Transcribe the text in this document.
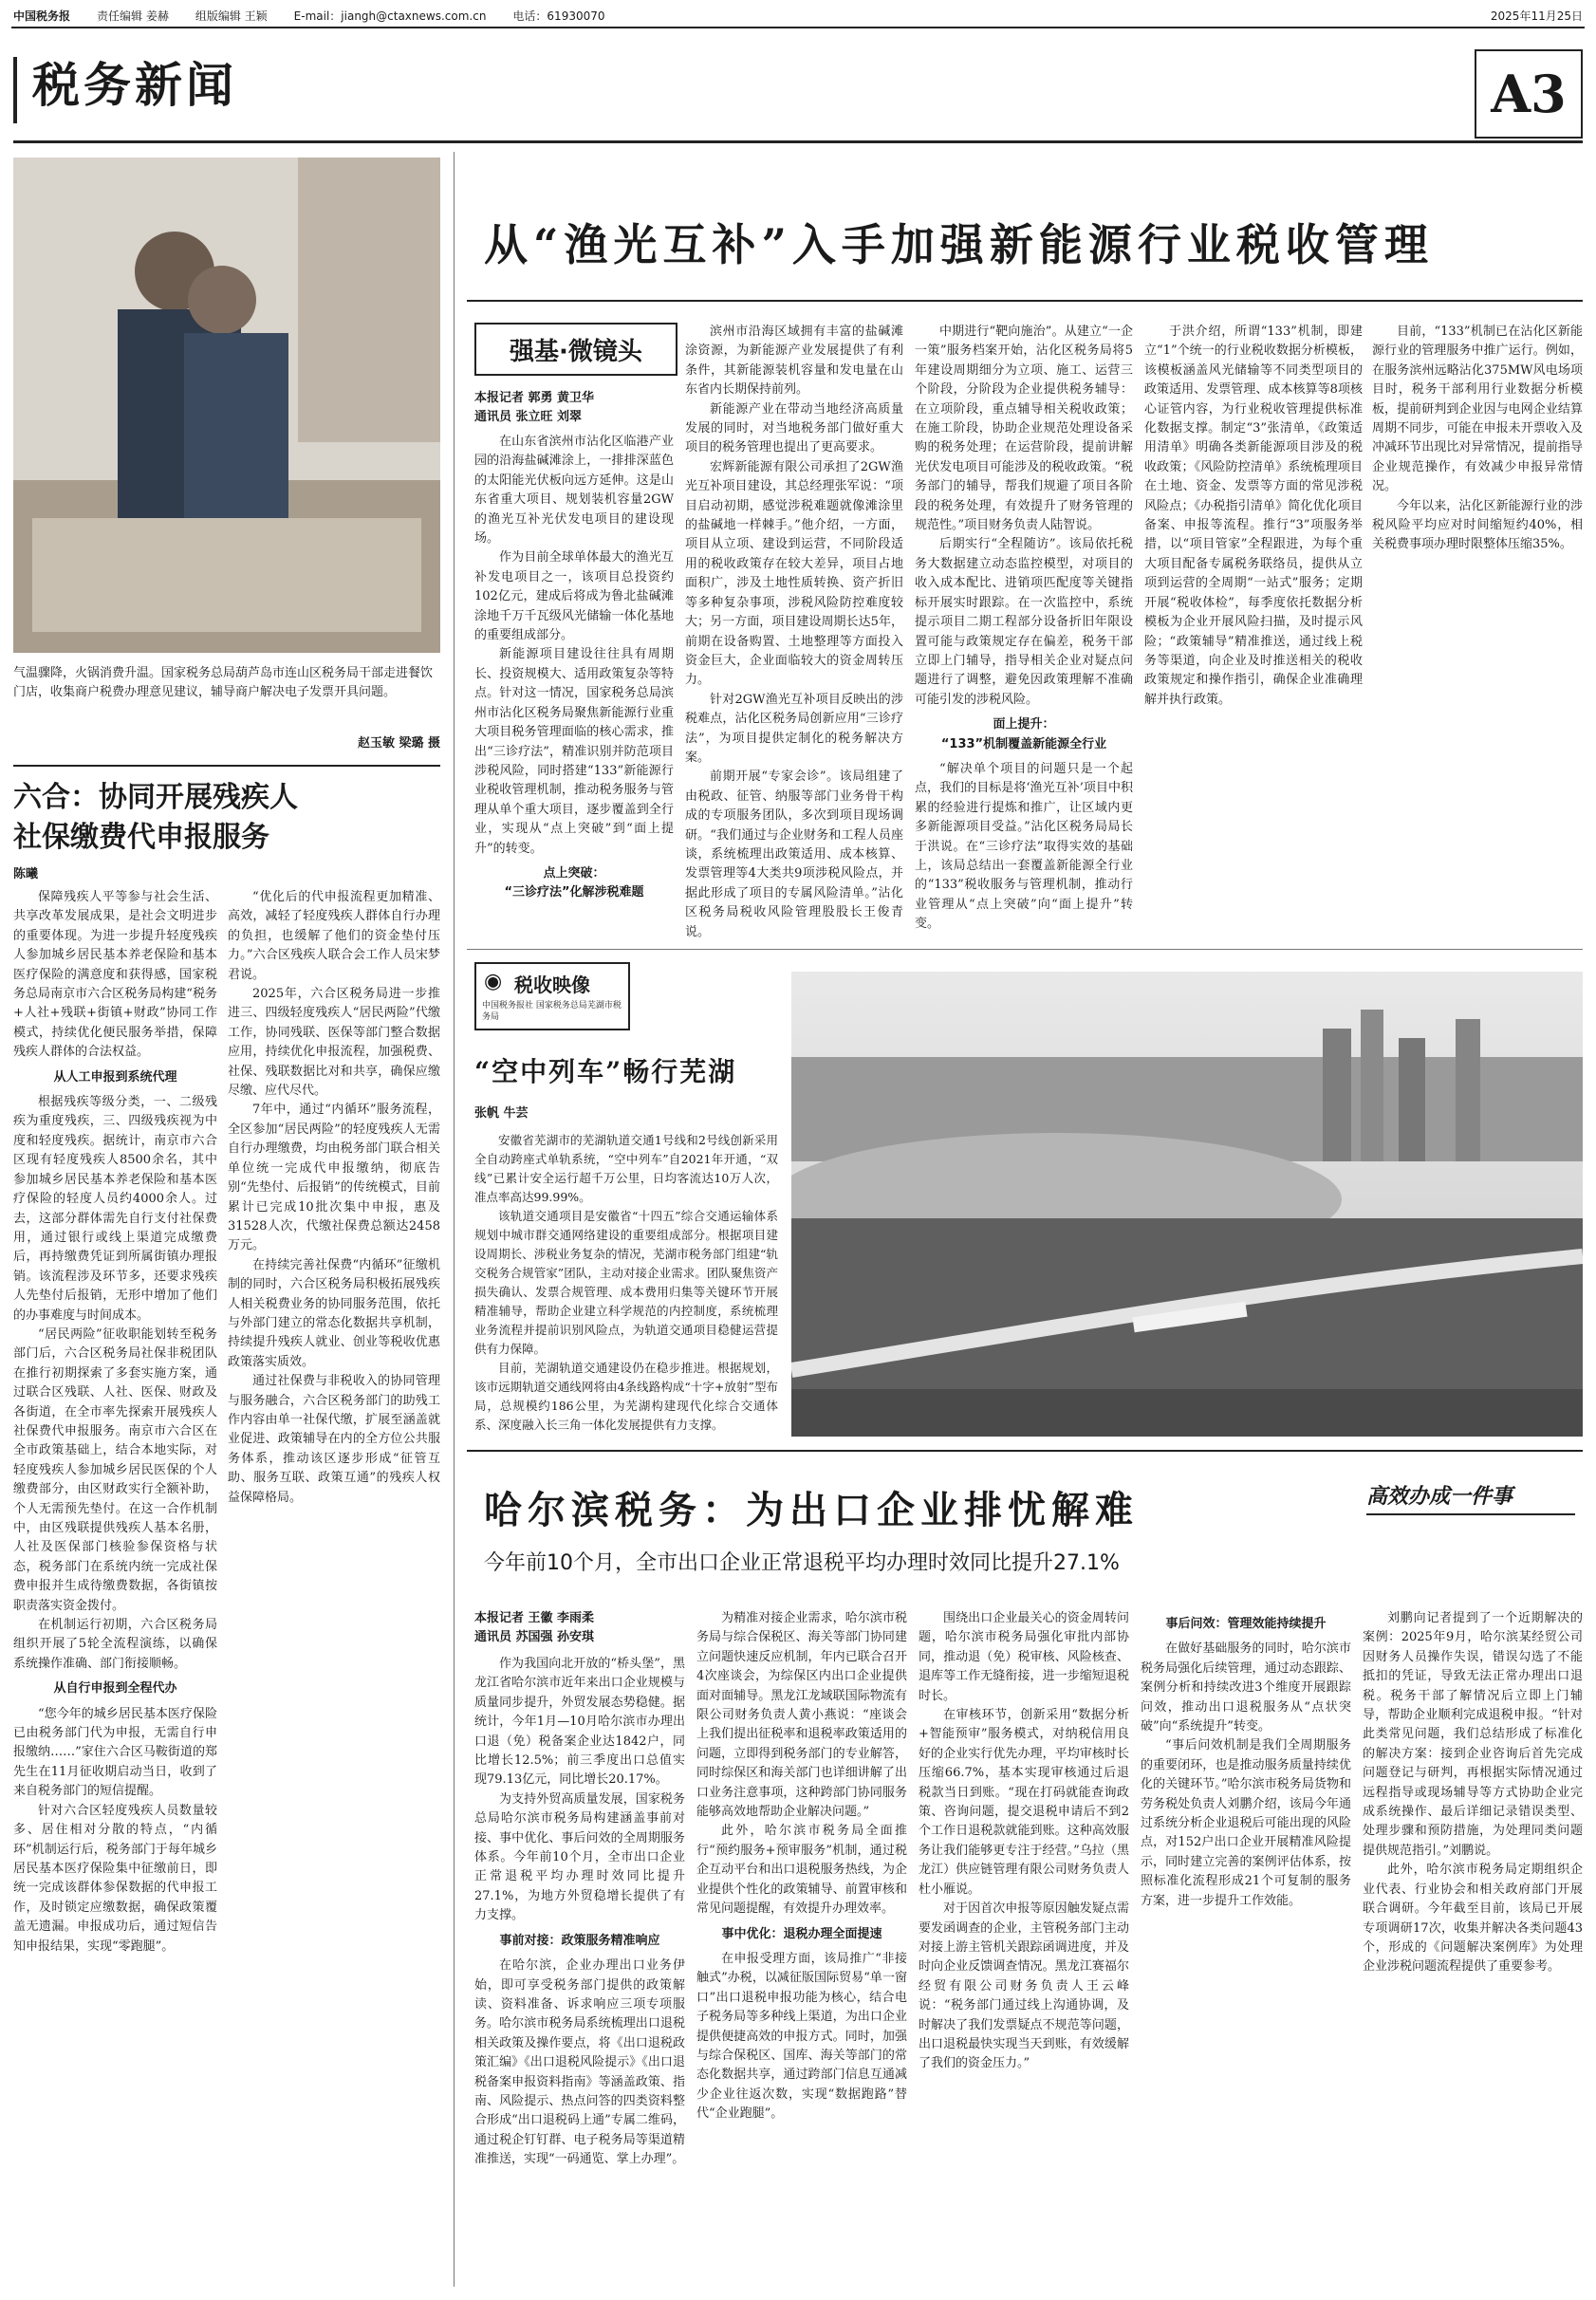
中国税务报 责任编辑 姜赫 组版编辑 王颖 E-mail：jiangh@ctaxnews.com.cn 电话：61930070	2025年11月25日
税务新闻	A3
气温骤降，火锅消费升温。国家税务总局葫芦岛市连山区税务局干部走进餐饮门店，收集商户税费办理意见建议，辅导商户解决电子发票开具问题。
赵玉敏 梁璐 摄
六合：协同开展残疾人
社保缴费代申报服务
陈曦

保障残疾人平等参与社会生活、共享改革发展成果，是社会文明进步的重要体现。为进一步提升轻度残疾人参加城乡居民基本养老保险和基本医疗保险的满意度和获得感，国家税务总局南京市六合区税务局构建“税务+人社+残联+街镇+财政”协同工作模式，持续优化便民服务举措，保障残疾人群体的合法权益。

从人工申报到系统代理

根据残疾等级分类，一、二级残疾为重度残疾，三、四级残疾视为中度和轻度残疾。据统计，南京市六合区现有轻度残疾人8500余名，其中参加城乡居民基本养老保险和基本医疗保险的轻度人员约4000余人。过去，这部分群体需先自行支付社保费用，通过银行或线上渠道完成缴费后，再持缴费凭证到所属街镇办理报销。该流程涉及环节多，还要求残疾人先垫付后报销，无形中增加了他们的办事难度与时间成本。

“居民两险”征收职能划转至税务部门后，六合区税务局社保非税团队在推行初期探索了多套实施方案，通过联合区残联、人社、医保、财政及各街道，在全市率先探索开展残疾人社保费代申报服务。南京市六合区在全市政策基础上，结合本地实际，对轻度残疾人参加城乡居民医保的个人缴费部分，由区财政实行全额补助，个人无需预先垫付。在这一合作机制中，由区残联提供残疾人基本名册，人社及医保部门核验参保资格与状态，税务部门在系统内统一完成社保费申报并生成待缴费数据，各街镇按职责落实资金拨付。

在机制运行初期，六合区税务局组织开展了5轮全流程演练，以确保系统操作准确、部门衔接顺畅。

从自行申报到全程代办

“您今年的城乡居民基本医疗保险已由税务部门代为申报，无需自行申报缴纳……”家住六合区马鞍街道的郑先生在11月征收期启动当日，收到了来自税务部门的短信提醒。

针对六合区轻度残疾人员数量较多、居住相对分散的特点，“内循环”机制运行后，税务部门于每年城乡居民基本医疗保险集中征缴前日，即统一完成该群体参保数据的代申报工作，及时锁定应缴数据，确保政策覆盖无遗漏。申报成功后，通过短信告知申报结果，实现“零跑腿”。

“优化后的代申报流程更加精准、高效，减轻了轻度残疾人群体自行办理的负担，也缓解了他们的资金垫付压力。”六合区残疾人联合会工作人员宋梦君说。

2025年，六合区税务局进一步推进三、四级轻度残疾人“居民两险”代缴工作，协同残联、医保等部门整合数据应用，持续优化申报流程，加强税费、社保、残联数据比对和共享，确保应缴尽缴、应代尽代。

7年中，通过“内循环”服务流程，全区参加“居民两险”的轻度残疾人无需自行办理缴费，均由税务部门联合相关单位统一完成代申报缴纳，彻底告别“先垫付、后报销”的传统模式，目前累计已完成10批次集中申报，惠及31528人次，代缴社保费总额达2458万元。

在持续完善社保费“内循环”征缴机制的同时，六合区税务局积极拓展残疾人相关税费业务的协同服务范围，依托与外部门建立的常态化数据共享机制，持续提升残疾人就业、创业等税收优惠政策落实质效。

通过社保费与非税收入的协同管理与服务融合，六合区税务部门的助残工作内容由单一社保代缴，扩展至涵盖就业促进、政策辅导在内的全方位公共服务体系，推动该区逐步形成“征管互助、服务互联、政策互通”的残疾人权益保障格局。

从“渔光互补”入手加强新能源行业税收管理
强基·微镜头
本报记者 郭勇 黄卫华
通讯员 张立旺 刘翠

在山东省滨州市沾化区临港产业园的沿海盐碱滩涂上，一排排深蓝色的太阳能光伏板向远方延伸。这是山东省重大项目、规划装机容量2GW的渔光互补光伏发电项目的建设现场。

作为目前全球单体最大的渔光互补发电项目之一，该项目总投资约102亿元，建成后将成为鲁北盐碱滩涂地千万千瓦级风光储输一体化基地的重要组成部分。

新能源项目建设往往具有周期长、投资规模大、适用政策复杂等特点。针对这一情况，国家税务总局滨州市沾化区税务局聚焦新能源行业重大项目税务管理面临的核心需求，推出“三诊疗法”，精准识别并防范项目涉税风险，同时搭建“133”新能源行业税收管理机制，推动税务服务与管理从单个重大项目，逐步覆盖到全行业，实现从“点上突破”到“面上提升”的转变。

点上突破：
“三诊疗法”化解涉税难题

滨州市沿海区域拥有丰富的盐碱滩涂资源，为新能源产业发展提供了有利条件，其新能源装机容量和发电量在山东省内长期保持前列。

新能源产业在带动当地经济高质量发展的同时，对当地税务部门做好重大项目的税务管理也提出了更高要求。

宏辉新能源有限公司承担了2GW渔光互补项目建设，其总经理张军说：“项目启动初期，感觉涉税难题就像滩涂里的盐碱地一样棘手。”他介绍，一方面，项目从立项、建设到运营，不同阶段适用的税收政策存在较大差异，项目占地面积广，涉及土地性质转换、资产折旧等多种复杂事项，涉税风险防控难度较大；另一方面，项目建设周期长达5年，前期在设备购置、土地整理等方面投入资金巨大，企业面临较大的资金周转压力。

针对2GW渔光互补项目反映出的涉税难点，沾化区税务局创新应用“三诊疗法”，为项目提供定制化的税务解决方案。

前期开展“专家会诊”。该局组建了由税政、征管、纳服等部门业务骨干构成的专项服务团队，多次到项目现场调研。“我们通过与企业财务和工程人员座谈，系统梳理出政策适用、成本核算、发票管理等4大类共9项涉税风险点，并据此形成了项目的专属风险清单。”沾化区税务局税收风险管理股股长王俊青说。

中期进行“靶向施治”。从建立“一企一策”服务档案开始，沾化区税务局将5年建设周期细分为立项、施工、运营三个阶段，分阶段为企业提供税务辅导：在立项阶段，重点辅导相关税收政策；在施工阶段，协助企业规范处理设备采购的税务处理；在运营阶段，提前讲解光伏发电项目可能涉及的税收政策。“税务部门的辅导，帮我们规避了项目各阶段的税务处理，有效提升了财务管理的规范性。”项目财务负责人陆智说。

后期实行“全程随访”。该局依托税务大数据建立动态监控模型，对项目的收入成本配比、进销项匹配度等关键指标开展实时跟踪。在一次监控中，系统提示项目二期工程部分设备折旧年限设置可能与政策规定存在偏差，税务干部立即上门辅导，指导相关企业对疑点问题进行了调整，避免因政策理解不准确可能引发的涉税风险。

面上提升：
“133”机制覆盖新能源全行业

“解决单个项目的问题只是一个起点，我们的目标是将‘渔光互补’项目中积累的经验进行提炼和推广，让区域内更多新能源项目受益。”沾化区税务局局长于洪说。在“三诊疗法”取得实效的基础上，该局总结出一套覆盖新能源全行业的“133”税收服务与管理机制，推动行业管理从“点上突破”向“面上提升”转变。

于洪介绍，所谓“133”机制，即建立“1”个统一的行业税收数据分析模板，该模板涵盖风光储输等不同类型项目的政策适用、发票管理、成本核算等8项核心证管内容，为行业税收管理提供标准化数据支撑。制定“3”张清单，《政策适用清单》明确各类新能源项目涉及的税收政策；《风险防控清单》系统梳理项目在土地、资金、发票等方面的常见涉税风险点；《办税指引清单》简化优化项目备案、申报等流程。推行“3”项服务举措，以“项目管家”全程跟进，为每个重大项目配备专属税务联络员，提供从立项到运营的全周期“一站式”服务；定期开展“税收体检”，每季度依托数据分析模板为企业开展风险扫描，及时提示风险；“政策辅导”精准推送，通过线上税务等渠道，向企业及时推送相关的税收政策规定和操作指引，确保企业准确理解并执行政策。

目前，“133”机制已在沾化区新能源行业的管理服务中推广运行。例如，在服务滨州远略沾化375MW风电场项目时，税务干部利用行业数据分析模板，提前研判到企业因与电网企业结算周期不同步，可能在申报未开票收入及冲减环节出现比对异常情况，提前指导企业规范操作，有效减少申报异常情况。

今年以来，沾化区新能源行业的涉税风险平均应对时间缩短约40%，相关税费事项办理时限整体压缩35%。

税收映像
中国税务报社 国家税务总局芜湖市税务局
◉
“空中列车”畅行芜湖
张帆 牛芸

安徽省芜湖市的芜湖轨道交通1号线和2号线创新采用全自动跨座式单轨系统，“空中列车”自2021年开通，“双线”已累计安全运行超千万公里，日均客流达10万人次，准点率高达99.99%。

该轨道交通项目是安徽省“十四五”综合交通运输体系规划中城市群交通网络建设的重要组成部分。根据项目建设周期长、涉税业务复杂的情况，芜湖市税务部门组建“轨交税务合规管家”团队，主动对接企业需求。团队聚焦资产损失确认、发票合规管理、成本费用归集等关键环节开展精准辅导，帮助企业建立科学规范的内控制度，系统梳理业务流程并提前识别风险点，为轨道交通项目稳健运营提供有力保障。

目前，芜湖轨道交通建设仍在稳步推进。根据规划，该市远期轨道交通线网将由4条线路构成“十字+放射”型布局，总规模约186公里，为芜湖构建现代化综合交通体系、深度融入长三角一体化发展提供有力支撑。

哈尔滨税务：为出口企业排忧解难	高效办成一件事
今年前10个月，全市出口企业正常退税平均办理时效同比提升27.1%
本报记者 王徽 李雨柔
通讯员 苏国强 孙安琪

作为我国向北开放的“桥头堡”，黑龙江省哈尔滨市近年来出口企业规模与质量同步提升，外贸发展态势稳健。据统计，今年1月—10月哈尔滨市办理出口退（免）税备案企业达1842户，同比增长12.5%；前三季度出口总值实现79.13亿元，同比增长20.17%。

为支持外贸高质量发展，国家税务总局哈尔滨市税务局构建涵盖事前对接、事中优化、事后问效的全周期服务体系。今年前10个月，全市出口企业正常退税平均办理时效同比提升27.1%，为地方外贸稳增长提供了有力支撑。

事前对接：政策服务精准响应

在哈尔滨，企业办理出口业务伊始，即可享受税务部门提供的政策解读、资料准备、诉求响应三项专项服务。哈尔滨市税务局系统梳理出口退税相关政策及操作要点，将《出口退税政策汇编》《出口退税风险提示》《出口退税备案申报资料指南》等涵盖政策、指南、风险提示、热点问答的四类资料整合形成“出口退税码上通”专属二维码，通过税企钉钉群、电子税务局等渠道精准推送，实现“一码通览、掌上办理”。

为精准对接企业需求，哈尔滨市税务局与综合保税区、海关等部门协同建立问题快速反应机制，年内已联合召开4次座谈会，为综保区内出口企业提供面对面辅导。黑龙江龙域联国际物流有限公司财务负责人黄小燕说：“座谈会上我们提出征税率和退税率政策适用的问题，立即得到税务部门的专业解答，同时综保区和海关部门也详细讲解了出口业务注意事项，这种跨部门协同服务能够高效地帮助企业解决问题。”

此外，哈尔滨市税务局全面推行“预约服务+预审服务”机制，通过税企互动平台和出口退税服务热线，为企业提供个性化的政策辅导、前置审核和常见问题提醒，有效提升办理效率。

事中优化：退税办理全面提速

在申报受理方面，该局推广“非接触式”办税，以减征版国际贸易“单一窗口”出口退税申报功能为核心，结合电子税务局等多种线上渠道，为出口企业提供便捷高效的申报方式。同时，加强与综合保税区、国库、海关等部门的常态化数据共享，通过跨部门信息互通减少企业往返次数，实现“数据跑路”替代“企业跑腿”。

围绕出口企业最关心的资金周转问题，哈尔滨市税务局强化审批内部协同，推动退（免）税审核、风险核查、退库等工作无缝衔接，进一步缩短退税时长。

在审核环节，创新采用“数据分析+智能预审”服务模式，对纳税信用良好的企业实行优先办理，平均审核时长压缩66.7%，基本实现审核通过后退税款当日到账。“现在打码就能查询政策、咨询问题，提交退税申请后不到2个工作日退税款就能到账。这种高效服务让我们能够更专注于经营。”乌拉（黑龙江）供应链管理有限公司财务负责人杜小雁说。

对于因首次申报等原因触发疑点需要发函调查的企业，主管税务部门主动对接上游主管机关跟踪函调进度，并及时向企业反馈调查情况。黑龙江赛福尔经贸有限公司财务负责人王云峰说：“税务部门通过线上沟通协调，及时解决了我们发票疑点不规范等问题，出口退税最快实现当天到账，有效缓解了我们的资金压力。”

事后问效：管理效能持续提升

在做好基础服务的同时，哈尔滨市税务局强化后续管理，通过动态跟踪、案例分析和持续改进3个维度开展跟踪问效，推动出口退税服务从“点状突破”向“系统提升”转变。

“事后问效机制是我们全周期服务的重要闭环，也是推动服务质量持续优化的关键环节。”哈尔滨市税务局货物和劳务税处负责人刘鹏介绍，该局今年通过系统分析企业退税后可能出现的风险点，对152户出口企业开展精准风险提示，同时建立完善的案例评估体系，按照标准化流程形成21个可复制的服务方案，进一步提升工作效能。

刘鹏向记者提到了一个近期解决的案例：2025年9月，哈尔滨某经贸公司因财务人员操作失误，错误勾选了不能抵扣的凭证，导致无法正常办理出口退税。税务干部了解情况后立即上门辅导，帮助企业顺利完成退税申报。“针对此类常见问题，我们总结形成了标准化的解决方案：接到企业咨询后首先完成问题登记与研判，再根据实际情况通过远程指导或现场辅导等方式协助企业完成系统操作、最后详细记录错误类型、处理步骤和预防措施，为处理同类问题提供规范指引。”刘鹏说。

此外，哈尔滨市税务局定期组织企业代表、行业协会和相关政府部门开展联合调研。今年截至目前，该局已开展专项调研17次，收集并解决各类问题43个，形成的《问题解决案例库》为处理企业涉税问题流程提供了重要参考。
